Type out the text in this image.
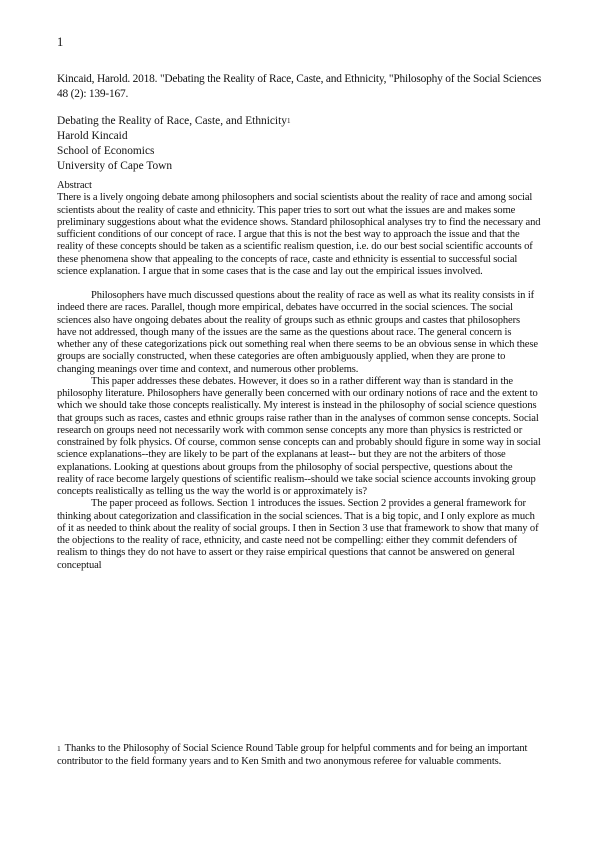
1
Kincaid, Harold. 2018. "Debating the Reality of Race, Caste, and Ethnicity, "Philosophy of the Social Sciences 48 (2): 139-167.
Debating the Reality of Race, Caste, and Ethnicity$^1$
Harold Kincaid
School of Economics
University of Cape Town

Abstract

There is a lively ongoing debate among philosophers and social scientists about the reality of race and among social scientists about the reality of caste and ethnicity. This paper tries to sort out what the issues are and makes some preliminary suggestions about what the evidence shows. Standard philosophical analyses try to find the necessary and sufficient conditions of our concept of race. I argue that this is not the best way to approach the issue and that the reality of these concepts should be taken as a scientific realism question, i.e. do our best social scientific accounts of these phenomena show that appealing to the concepts of race, caste and ethnicity is essential to successful social science explanation. I argue that in some cases that is the case and lay out the empirical issues involved.

Philosophers have much discussed questions about the reality of race as well as what its reality consists in if indeed there are races. Parallel, though more empirical, debates have occurred in the social sciences. The social sciences also have ongoing debates about the reality of groups such as ethnic groups and castes that philosophers have not addressed, though many of the issues are the same as the questions about race. The general concern is whether any of these categorizations pick out something real when there seems to be an obvious sense in which these groups are socially constructed, when these categories are often ambiguously applied, when they are prone to changing meanings over time and context, and numerous other problems.

This paper addresses these debates. However, it does so in a rather different way than is standard in the philosophy literature. Philosophers have generally been concerned with our ordinary notions of race and the extent to which we should take those concepts realistically. My interest is instead in the philosophy of social science questions that groups such as races, castes and ethnic groups raise rather than in the analyses of common sense concepts. Social research on groups need not necessarily work with common sense concepts any more than physics is restricted or constrained by folk physics. Of course, common sense concepts can and probably should figure in some way in social science explanations--they are likely to be part of the explanans at least-- but they are not the arbiters of those explanations. Looking at questions about groups from the philosophy of social perspective, questions about the reality of race become largely questions of scientific realism--should we take social science accounts invoking group concepts realistically as telling us the way the world is or approximately is?

The paper proceed as follows. Section 1 introduces the issues. Section 2 provides a general framework for thinking about categorization and classification in the social sciences. That is a big topic, and I only explore as much of it as needed to think about the reality of social groups. I then in Section 3 use that framework to show that many of the objections to the reality of race, ethnicity, and caste need not be compelling: either they commit defenders of realism to things they do not have to assert or they raise empirical questions that cannot be answered on general conceptual

1 Thanks to the Philosophy of Social Science Round Table group for helpful comments and for being an important contributor to the field formany years and to Ken Smith and two anonymous referee for valuable comments.
